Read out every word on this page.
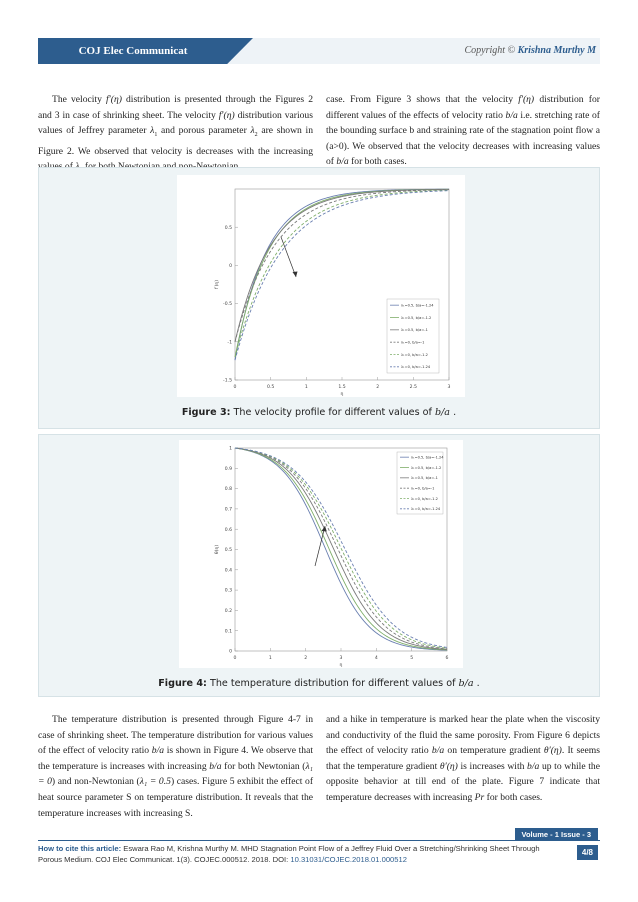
COJ Elec Communicat	Copyright © Krishna Murthy M

The velocity f′(η) distribution is presented through the Figures 2 and 3 in case of shrinking sheet. The velocity f′(η) distribution various values of Jeffrey parameter $\lambda_1$ and porous parameter $\lambda_2$ are shown in Figure 2. We observed that velocity is decreases with the increasing

case. From Figure 3 shows that the velocity f′(η) distribution for different values of the effects of velocity ratio b/a i.e. stretching rate of the bounding surface b and straining rate of the stagnation point flow a (a>0). We observed that the velocity decreases with increasing values of b/a for both cases.

0	0.5	1	1.5	2	2.5	3
-1.5
-1
-0.5
0
0.5
η
f′(η)
λ₁=0.5, b/a=-1.24
λ₁=0.5, b/a=-1.2
λ₁=0.5, b/a=-1
λ₁=0, b/a=-1
λ₁=0, b/a=-1.2
λ₁=0, b/a=-1.24
Figure 3: The velocity profile for different values of b/a .
0	1	2	3	4	5	6
0
0.1
0.2
0.3
0.4
0.5
0.6
0.7
0.8
0.9
1
η
θ(η)
λ₁=0.5, b/a=-1.24
λ₁=0.5, b/a=-1.2
λ₁=0.5, b/a=-1
λ₁=0, b/a=-1
λ₁=0, b/a=-1.2
λ₁=0, b/a=-1.24
Figure 4: The temperature distribution for different values of b/a .

The temperature distribution is presented through Figure 4-7 in case of shrinking sheet. The temperature distribution for various values of the effect of velocity ratio b/a is shown in Figure 4. We observe that the temperature is increases with increasing b/a for both Newtonian (λ₁ = 0) and non-Newtonian (λ₁ = 0.5) cases. Figure 5 exhibit the effect of heat source parameter S on temperature distribution. It reveals that the temperature increases with increasing S.

and a hike in temperature is marked hear the plate when the viscosity and conductivity of the fluid the same porosity. From Figure 6 depicts the effect of velocity ratio b/a on temperature gradient θ′(η). It seems that the temperature gradient θ′(η) is increases with b/a up to while the opposite behavior at till end of the plate. Figure 7 indicate that temperature decreases with increasing Pr for both cases.

Volume - 1 Issue - 3
How to cite this article: Eswara Rao M, Krishna Murthy M. MHD Stagnation Point Flow of a Jeffrey Fluid Over a Stretching/Shrinking Sheet Through Porous Medium. COJ Elec Communicat. 1(3). COJEC.000512. 2018. DOI: 10.31031/COJEC.2018.01.000512
4/8
